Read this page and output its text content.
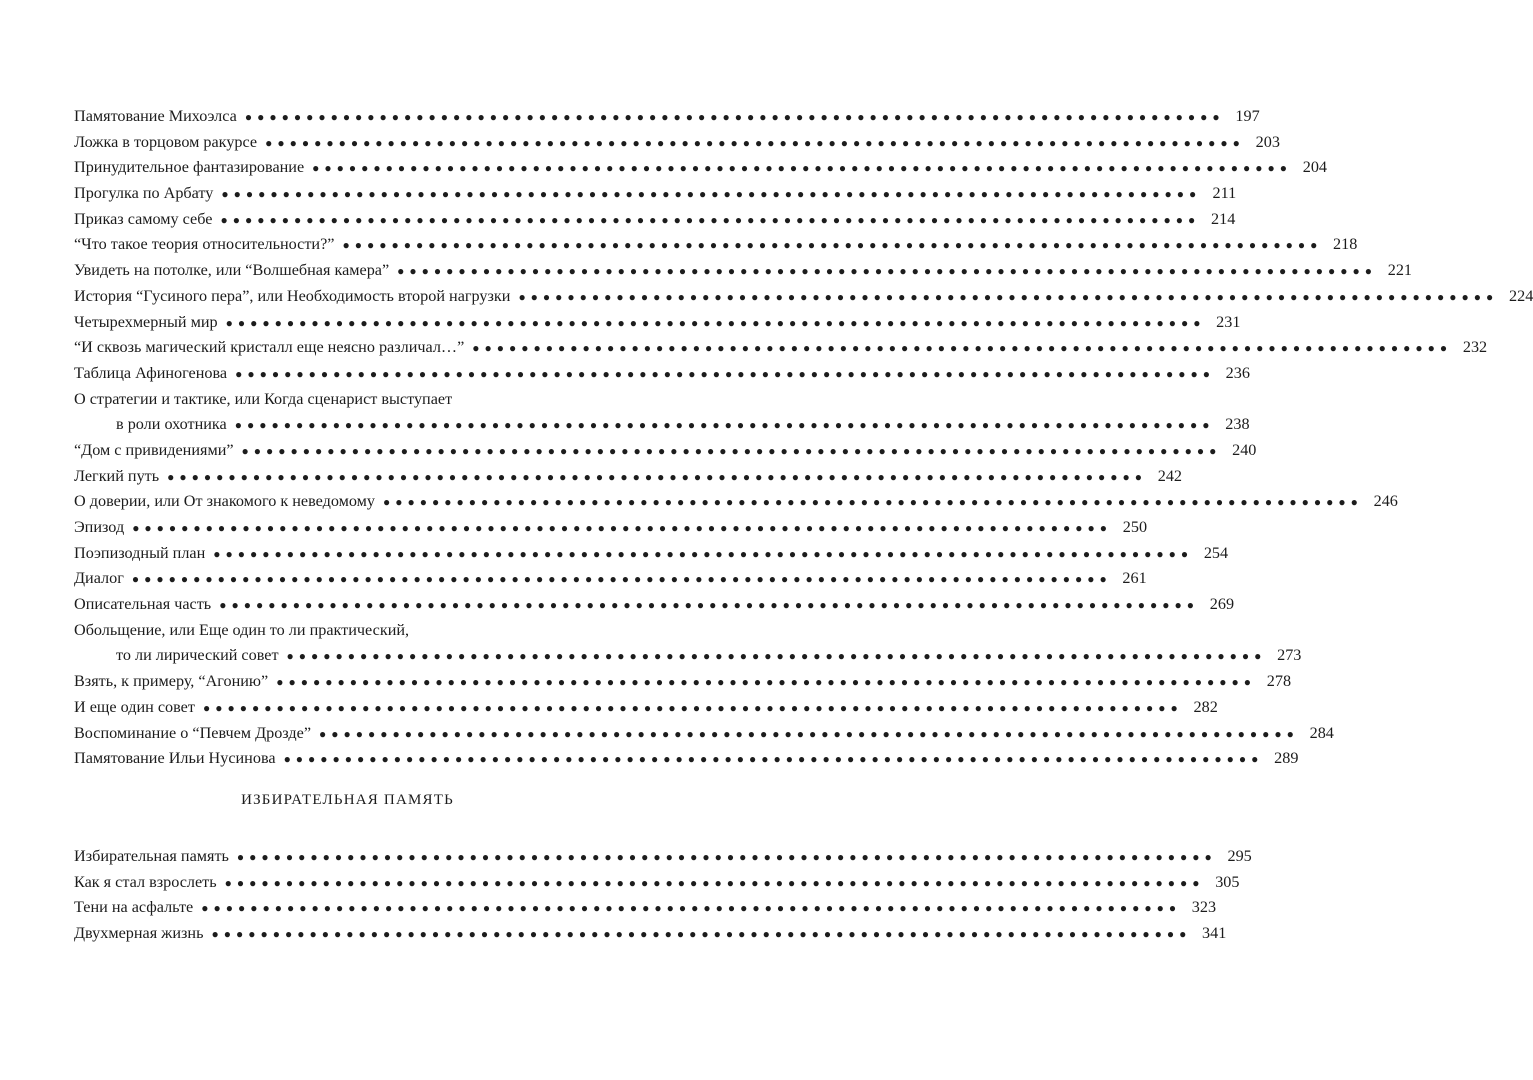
Памятование Михоэлса ●●●●●●●●●●●●●●●●●●●●●●●●●●●●●●●●●●●●●●●●●●●●●●●●●●●●●●●●●●●●●●●●●●●●●●●●●●●●●●●● 197
Ложка в торцовом ракурсе ●●●●●●●●●●●●●●●●●●●●●●●●●●●●●●●●●●●●●●●●●●●●●●●●●●●●●●●●●●●●●●●●●●●●●●●●●●●●●●●● 203
Принудительное фантазирование ●●●●●●●●●●●●●●●●●●●●●●●●●●●●●●●●●●●●●●●●●●●●●●●●●●●●●●●●●●●●●●●●●●●●●●●●●●●●●●●● 204
Прогулка по Арбату ●●●●●●●●●●●●●●●●●●●●●●●●●●●●●●●●●●●●●●●●●●●●●●●●●●●●●●●●●●●●●●●●●●●●●●●●●●●●●●●● 211
Приказ самому себе ●●●●●●●●●●●●●●●●●●●●●●●●●●●●●●●●●●●●●●●●●●●●●●●●●●●●●●●●●●●●●●●●●●●●●●●●●●●●●●●● 214
“Что такое теория относительности?” ●●●●●●●●●●●●●●●●●●●●●●●●●●●●●●●●●●●●●●●●●●●●●●●●●●●●●●●●●●●●●●●●●●●●●●●●●●●●●●●● 218
Увидеть на потолке, или “Волшебная камера” ●●●●●●●●●●●●●●●●●●●●●●●●●●●●●●●●●●●●●●●●●●●●●●●●●●●●●●●●●●●●●●●●●●●●●●●●●●●●●●●● 221
История “Гусиного пера”, или Необходимость второй нагрузки ●●●●●●●●●●●●●●●●●●●●●●●●●●●●●●●●●●●●●●●●●●●●●●●●●●●●●●●●●●●●●●●●●●●●●●●●●●●●●●●● 224
Четырехмерный мир ●●●●●●●●●●●●●●●●●●●●●●●●●●●●●●●●●●●●●●●●●●●●●●●●●●●●●●●●●●●●●●●●●●●●●●●●●●●●●●●● 231
“И сквозь магический кристалл еще неясно различал…” ●●●●●●●●●●●●●●●●●●●●●●●●●●●●●●●●●●●●●●●●●●●●●●●●●●●●●●●●●●●●●●●●●●●●●●●●●●●●●●●● 232
Таблица Афиногенова ●●●●●●●●●●●●●●●●●●●●●●●●●●●●●●●●●●●●●●●●●●●●●●●●●●●●●●●●●●●●●●●●●●●●●●●●●●●●●●●● 236
О стратегии и тактике, или Когда сценарист выступает
в роли охотника ●●●●●●●●●●●●●●●●●●●●●●●●●●●●●●●●●●●●●●●●●●●●●●●●●●●●●●●●●●●●●●●●●●●●●●●●●●●●●●●● 238
“Дом с привидениями” ●●●●●●●●●●●●●●●●●●●●●●●●●●●●●●●●●●●●●●●●●●●●●●●●●●●●●●●●●●●●●●●●●●●●●●●●●●●●●●●● 240
Легкий путь ●●●●●●●●●●●●●●●●●●●●●●●●●●●●●●●●●●●●●●●●●●●●●●●●●●●●●●●●●●●●●●●●●●●●●●●●●●●●●●●● 242
О доверии, или От знакомого к неведомому ●●●●●●●●●●●●●●●●●●●●●●●●●●●●●●●●●●●●●●●●●●●●●●●●●●●●●●●●●●●●●●●●●●●●●●●●●●●●●●●● 246
Эпизод ●●●●●●●●●●●●●●●●●●●●●●●●●●●●●●●●●●●●●●●●●●●●●●●●●●●●●●●●●●●●●●●●●●●●●●●●●●●●●●●● 250
Поэпизодный план ●●●●●●●●●●●●●●●●●●●●●●●●●●●●●●●●●●●●●●●●●●●●●●●●●●●●●●●●●●●●●●●●●●●●●●●●●●●●●●●● 254
Диалог ●●●●●●●●●●●●●●●●●●●●●●●●●●●●●●●●●●●●●●●●●●●●●●●●●●●●●●●●●●●●●●●●●●●●●●●●●●●●●●●● 261
Описательная часть ●●●●●●●●●●●●●●●●●●●●●●●●●●●●●●●●●●●●●●●●●●●●●●●●●●●●●●●●●●●●●●●●●●●●●●●●●●●●●●●● 269
Обольщение, или Еще один то ли практический,
то ли лирический совет ●●●●●●●●●●●●●●●●●●●●●●●●●●●●●●●●●●●●●●●●●●●●●●●●●●●●●●●●●●●●●●●●●●●●●●●●●●●●●●●● 273
Взять, к примеру, “Агонию” ●●●●●●●●●●●●●●●●●●●●●●●●●●●●●●●●●●●●●●●●●●●●●●●●●●●●●●●●●●●●●●●●●●●●●●●●●●●●●●●● 278
И еще один совет ●●●●●●●●●●●●●●●●●●●●●●●●●●●●●●●●●●●●●●●●●●●●●●●●●●●●●●●●●●●●●●●●●●●●●●●●●●●●●●●● 282
Воспоминание о “Певчем Дрозде” ●●●●●●●●●●●●●●●●●●●●●●●●●●●●●●●●●●●●●●●●●●●●●●●●●●●●●●●●●●●●●●●●●●●●●●●●●●●●●●●● 284
Памятование Ильи Нусинова ●●●●●●●●●●●●●●●●●●●●●●●●●●●●●●●●●●●●●●●●●●●●●●●●●●●●●●●●●●●●●●●●●●●●●●●●●●●●●●●● 289
ИЗБИРАТЕЛЬНАЯ ПАМЯТЬ
Избирательная память ●●●●●●●●●●●●●●●●●●●●●●●●●●●●●●●●●●●●●●●●●●●●●●●●●●●●●●●●●●●●●●●●●●●●●●●●●●●●●●●● 295
Как я стал взрослеть ●●●●●●●●●●●●●●●●●●●●●●●●●●●●●●●●●●●●●●●●●●●●●●●●●●●●●●●●●●●●●●●●●●●●●●●●●●●●●●●● 305
Тени на асфальте ●●●●●●●●●●●●●●●●●●●●●●●●●●●●●●●●●●●●●●●●●●●●●●●●●●●●●●●●●●●●●●●●●●●●●●●●●●●●●●●● 323
Двухмерная жизнь ●●●●●●●●●●●●●●●●●●●●●●●●●●●●●●●●●●●●●●●●●●●●●●●●●●●●●●●●●●●●●●●●●●●●●●●●●●●●●●●● 341
